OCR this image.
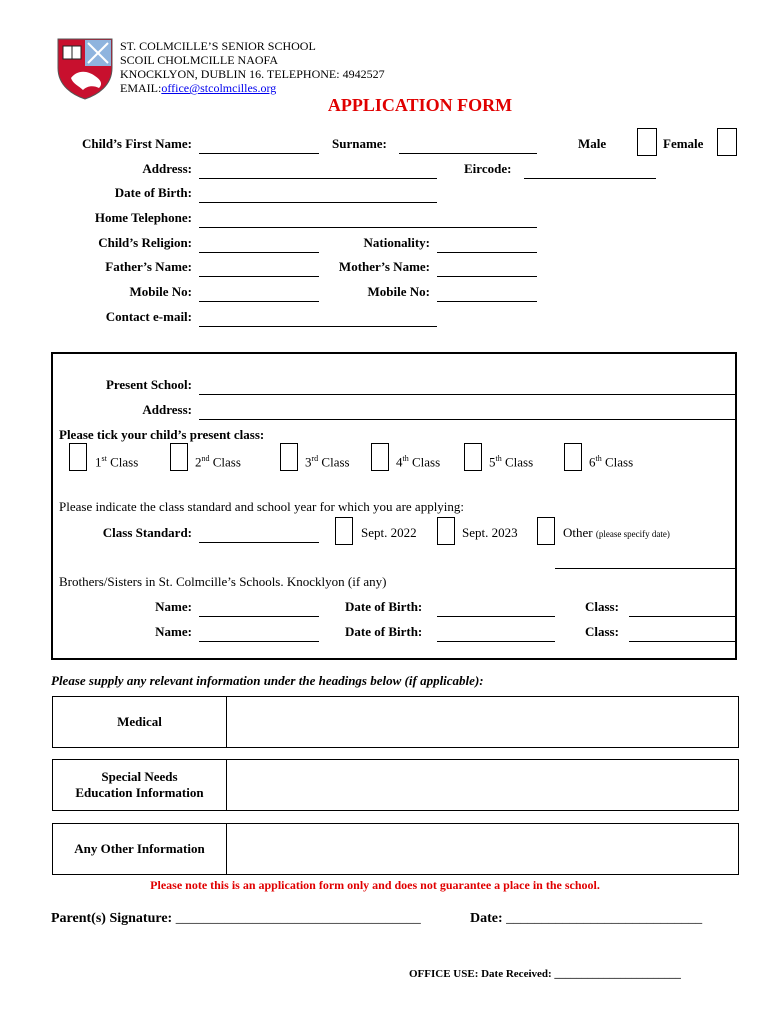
ST. COLMCILLE’S SENIOR SCHOOL
SCOIL CHOLMCILLE NAOFA
KNOCKLYON, DUBLIN 16. TELEPHONE: 4942527
EMAIL:office@stcolmcilles.org
APPLICATION FORM
Child’s First Name:	Surname:	Male	Female
Address:	Eircode:
Date of Birth:
Home Telephone:
Child’s Religion:	Nationality:
Father’s Name:	Mother’s Name:
Mobile No:	Mobile No:
Contact e-mail:
Present School:
Address:
Please tick your child’s present class:
1st Class	2nd Class	3rd Class	4th Class	5th Class	6th Class
Please indicate the class standard and school year for which you are applying:
Class Standard:	Sept. 2022	Sept. 2023	Other (please specify date)
Brothers/Sisters in St. Colmcille’s Schools. Knocklyon (if any)
Name:	Date of Birth:	Class:
Name:	Date of Birth:	Class:
Please supply any relevant information under the headings below (if applicable):
Medical
Special Needs
Education Information
Any Other Information
Please note this is an application form only and does not guarantee a place in the school.
Parent(s) Signature: ___________________________________	Date: ____________________________
OFFICE USE: Date Received: _______________________
